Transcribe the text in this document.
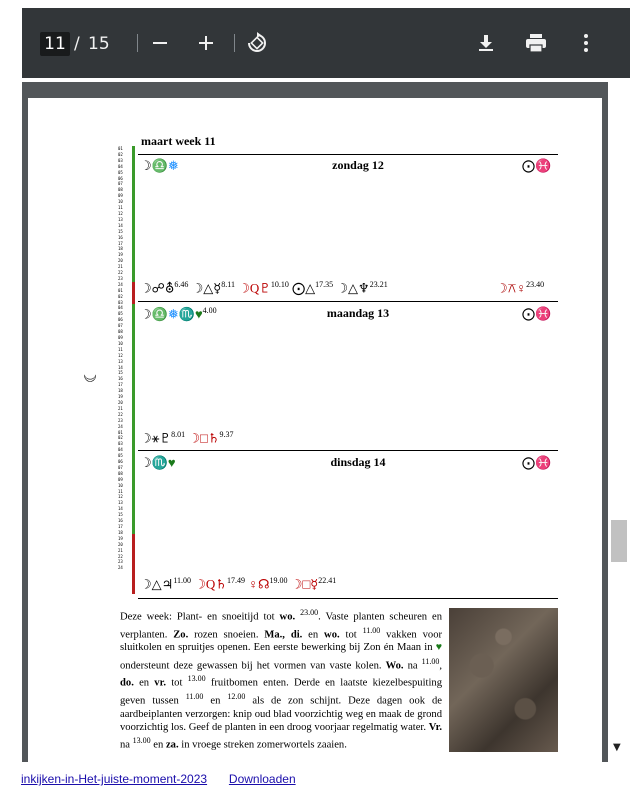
11 / 15
maart week 11
01
02
03
04
05
06
07
08
09
10
11
12
13
14
15
16
17
18
19
20
21
22
23
24
01
02
03
04
05
06
07
08
09
10
11
12
13
14
15
16
17
18
19
20
21
22
23
24
01
02
03
04
05
06
07
08
09
10
11
12
13
14
15
16
17
18
19
20
21
22
23
24

☾
☽♎❅	zondag 12	⨀♓
☽☍⛢$^{6.46}$ ☽△☿$^{8.11}$ ☽Q♇$^{10.10}$ ⨀△$^{17.35}$ ☽△♆$^{23.21}$	☽⚻♀$^{23.40}$
☽♎❅♏♥$^{4.00}$	maandag 13	⨀♓
☽⚹♇$^{8.01}$ ☽□♄$^{9.37}$
☽♏♥	dinsdag 14	⨀♓
☽△♃$^{11.00}$ ☽Q♄$^{17.49}$ ♀☊$^{19.00}$ ☽□☿$^{22.41}$
Deze week: Plant- en snoeitijd tot wo. $^{23.00}$. Vaste planten scheuren en verplanten. Zo. rozen snoeien. Ma., di. en wo. tot $^{11.00}$ vakken voor sluitkolen en spruitjes openen. Een eerste bewerking bij Zon én Maan in ♥ ondersteunt deze gewassen bij het vormen van vaste kolen. Wo. na $^{11.00}$, do. en vr. tot $^{13.00}$ fruitbomen enten. Derde en laatste kiezelbespuiting geven tussen $^{11.00}$ en $^{12.00}$ als de zon schijnt. Deze dagen ook de aardbeiplanten verzorgen: knip oud blad voorzichtig weg en maak de grond voorzichtig los. Geef de planten in een droog voorjaar regelmatig water. Vr. na $^{13.00}$ en za. in vroege streken zomerwortels zaaien.	▼
inkijken-in-Het-juiste-moment-2023 Downloaden
